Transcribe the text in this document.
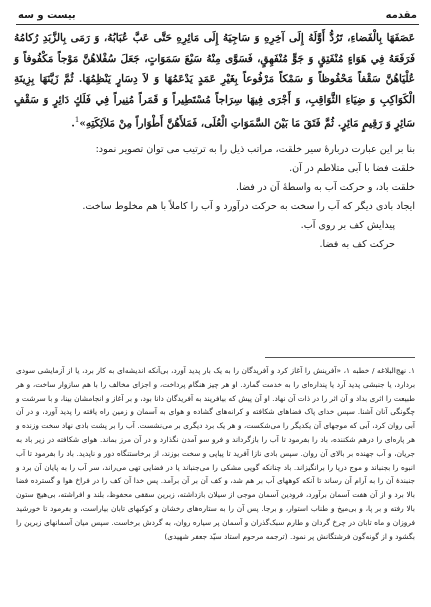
مقدمه
بیست و سه

عَصَفَهَا بِالْفَضاءِ، تَرُدُّ أَوَّلَهُ إِلَى آخِرِهِ وَ سَاجِيَهُ إِلَى مَائِرِهِ حَتَّى عَبَّ عُبَابُهُ، وَ رَمَى بِالزَّبَدِ رُكامُهُ فَرَفَعَهُ فِي هَوَاءٍ مُنْفَتِقٍ وَ جَوٍّ مُنْفَهِقٍ، فَسَوَّى مِنْهُ سَبْعَ سَمَوَاتٍ، جَعَلَ سُفْلاهُنَّ مَوْجاً مَكْفُوفاً وَ عُلْيَاهُنَّ سَقْفاً مَحْفُوظاً وَ سَمْكاً مَرْفُوعاً بِغَيْرِ عَمَدٍ يَدْعَمُهَا وَ لاَ دِسَارٍ يَنْظِمُهَا. ثُمَّ زَيَّنَهَا بِزِينَةِ الْكَوَاكِبِ وَ ضِيَاءِ الثَّوَاقِبِ، وَ أَجْرَى فِيهَا سِرَاجاً مُسْتَطِيراً وَ قَمَراً مُنِيراً فِي فَلَكٍ دَائِرٍ وَ سَقْفٍ سَائِرٍ وَ رَقِيمٍ مَائِرٍ. ثُمَّ فَتَقَ مَا بَيْنَ السَّمَوَاتِ الْعُلَى، فَمَلأَهُنَّ أَطْوَاراً مِنْ مَلاَئِكَتِهِ»$^1$.

بنا بر این عبارت دربارهٔ سیر خلقت، مراتب ذیل را به ترتیب می توان تصویر نمود:

خلقت فضا با آبی متلاطم در آن.

خلقت باد، و حرکت آب به واسطهٔ آن در فضا.

ایجاد بادی دیگر که آب را سخت به حرکت درآورد و آب را کاملاً با هم مخلوط ساخت.

پیدایش کف بر روی آب.

حرکت کف به فضا.

۱. نهج‌البلاغه / خطبه ۱، «آفرینش را آغاز کرد و آفریدگان را به یک بار پدید آورد، بی‌آنکه اندیشه‌ای به کار برد، یا از آزمایشی سودی بردارد، یا جنبشی پدید آرد یا پنداره‌ای را به خدمت گمارد. او هر چیز هنگام پرداخت، و اجزای مخالف را با هم سازوار ساخت، و هر طبیعت را اثری بداد و آن اثر را در ذات آن نهاد. او آن پیش که بیافریند به آفریدگان دانا بود، و بر آغاز و انجامشان بینا، و با سرشت و چگونگی آنان آشنا. سپس خدای پاک فضاهای شکافته و کرانه‌های گشاده و هوای به آسمان و زمین راه یافته را پدید آورد، و در آن آبی روان کرد، آبی که موجهای آن یکدیگر را می‌شکست، و هر یک برد دیگری بر می‌نشست. آب را بر پشت بادی نهاد سخت وزنده و هر پاره‌ای را درهم شکننده، باد را بفرمود تا آب را بازگرداند و فرو سو آمدن نگذارد و در آن مرز بماند. هوای شکافته در زیر باد به جریان، و آب جهنده بر بالای آن روان. سپس بادی نازا آفرید تا پیاپی و سخت بوزند، از برخاستنگاه دور و ناپدید. باد را بفرمود تا آب انبوه را بجنباند و موج دریا را برانگیزاند. باد چنانکه گویی مشکی را می‌جنباند یا در فضایی تهی می‌راند، سر آب را به پایان آن برد و جنبندهٔ آن را به آرام آن رساند تا آنکه کوههای آب بر هم شد، و کف آن بر آن برآمد. پس خدا آن کف را در فراخ هوا و گسترده فضا بالا برد و از آن هفت آسمان برآورد، فرودین آسمان موجی از سیلان بازداشته، زبرین سقفی محفوظ، بلند و افراشته، بی‌هیچ ستون بالا رفته و بر پا، و بی‌میخ و طناب استوار، و برجا. پس آن را به ستاره‌های رخشان و کوکبهای تابان بیاراست، و بفرمود تا خورشید فروزان و ماه تابان در چرخ گردان و طارم سبک‌گذران و آسمان پر سیاره روان، به گردش برخاست. سپس میان آسمانهای زبرین را بگشود و از گونه‌گون فرشتگانش پر نمود. (ترجمه مرحوم استاد سیّد جعفر شهیدی)
